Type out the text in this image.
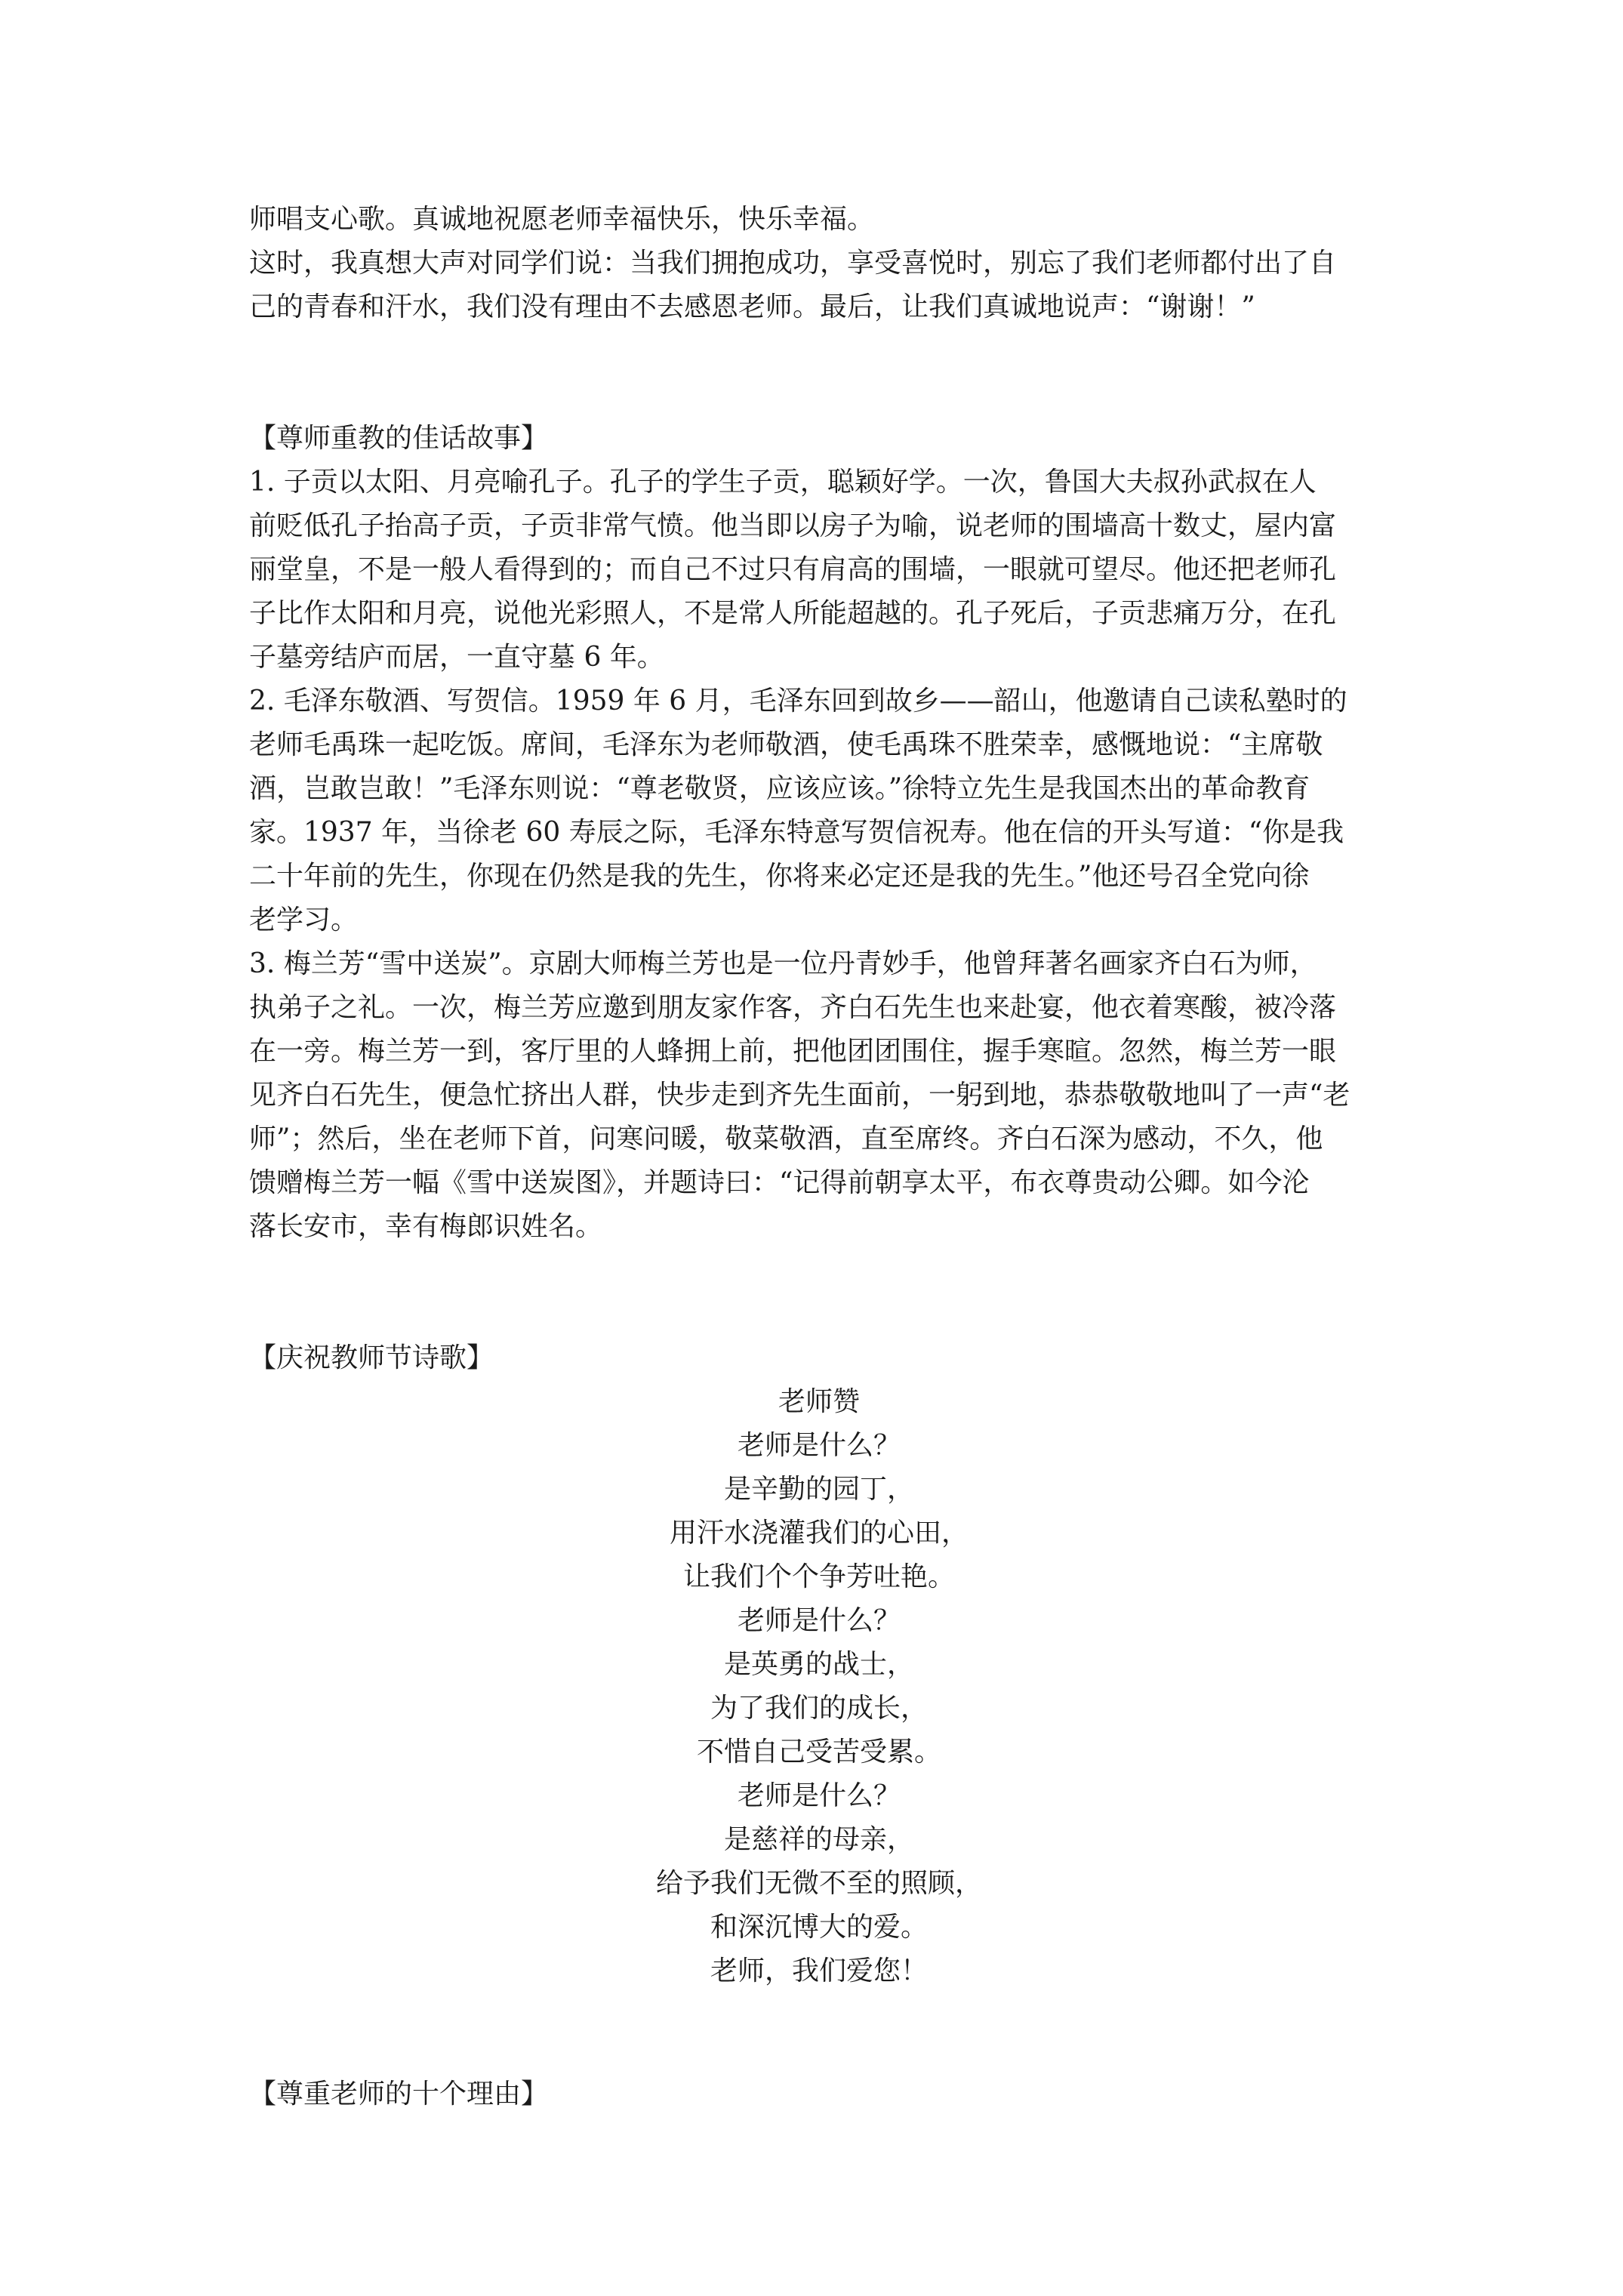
师唱支心歌。真诚地祝愿老师幸福快乐，快乐幸福。
这时，我真想大声对同学们说：当我们拥抱成功，享受喜悦时，别忘了我们老师都付出了自
己的青春和汗水，我们没有理由不去感恩老师。最后，让我们真诚地说声：“谢谢！”
【尊师重教的佳话故事】
1. 子贡以太阳、月亮喻孔子。孔子的学生子贡，聪颖好学。一次，鲁国大夫叔孙武叔在人
前贬低孔子抬高子贡，子贡非常气愤。他当即以房子为喻，说老师的围墙高十数丈，屋内富
丽堂皇，不是一般人看得到的；而自己不过只有肩高的围墙，一眼就可望尽。他还把老师孔
子比作太阳和月亮，说他光彩照人，不是常人所能超越的。孔子死后，子贡悲痛万分，在孔
子墓旁结庐而居，一直守墓 6 年。
2. 毛泽东敬酒、写贺信。1959 年 6 月，毛泽东回到故乡——韶山，他邀请自己读私塾时的
老师毛禹珠一起吃饭。席间，毛泽东为老师敬酒，使毛禹珠不胜荣幸，感慨地说：“主席敬
酒，岂敢岂敢！”毛泽东则说：“尊老敬贤，应该应该。”徐特立先生是我国杰出的革命教育
家。1937 年，当徐老 60 寿辰之际，毛泽东特意写贺信祝寿。他在信的开头写道：“你是我
二十年前的先生，你现在仍然是我的先生，你将来必定还是我的先生。”他还号召全党向徐
老学习。
3. 梅兰芳“雪中送炭”。京剧大师梅兰芳也是一位丹青妙手，他曾拜著名画家齐白石为师，
执弟子之礼。一次，梅兰芳应邀到朋友家作客，齐白石先生也来赴宴，他衣着寒酸，被冷落
在一旁。梅兰芳一到，客厅里的人蜂拥上前，把他团团围住，握手寒暄。忽然，梅兰芳一眼
见齐白石先生，便急忙挤出人群，快步走到齐先生面前，一躬到地，恭恭敬敬地叫了一声“老
师”；然后，坐在老师下首，问寒问暖，敬菜敬酒，直至席终。齐白石深为感动，不久，他
馈赠梅兰芳一幅《雪中送炭图》，并题诗曰：“记得前朝享太平，布衣尊贵动公卿。如今沦
落长安市，幸有梅郎识姓名。
【庆祝教师节诗歌】
老师赞
老师是什么？
是辛勤的园丁，
用汗水浇灌我们的心田，
让我们个个争芳吐艳。
老师是什么？
是英勇的战士，
为了我们的成长，
不惜自己受苦受累。
老师是什么？
是慈祥的母亲，
给予我们无微不至的照顾，
和深沉博大的爱。
老师，我们爱您！
【尊重老师的十个理由】
